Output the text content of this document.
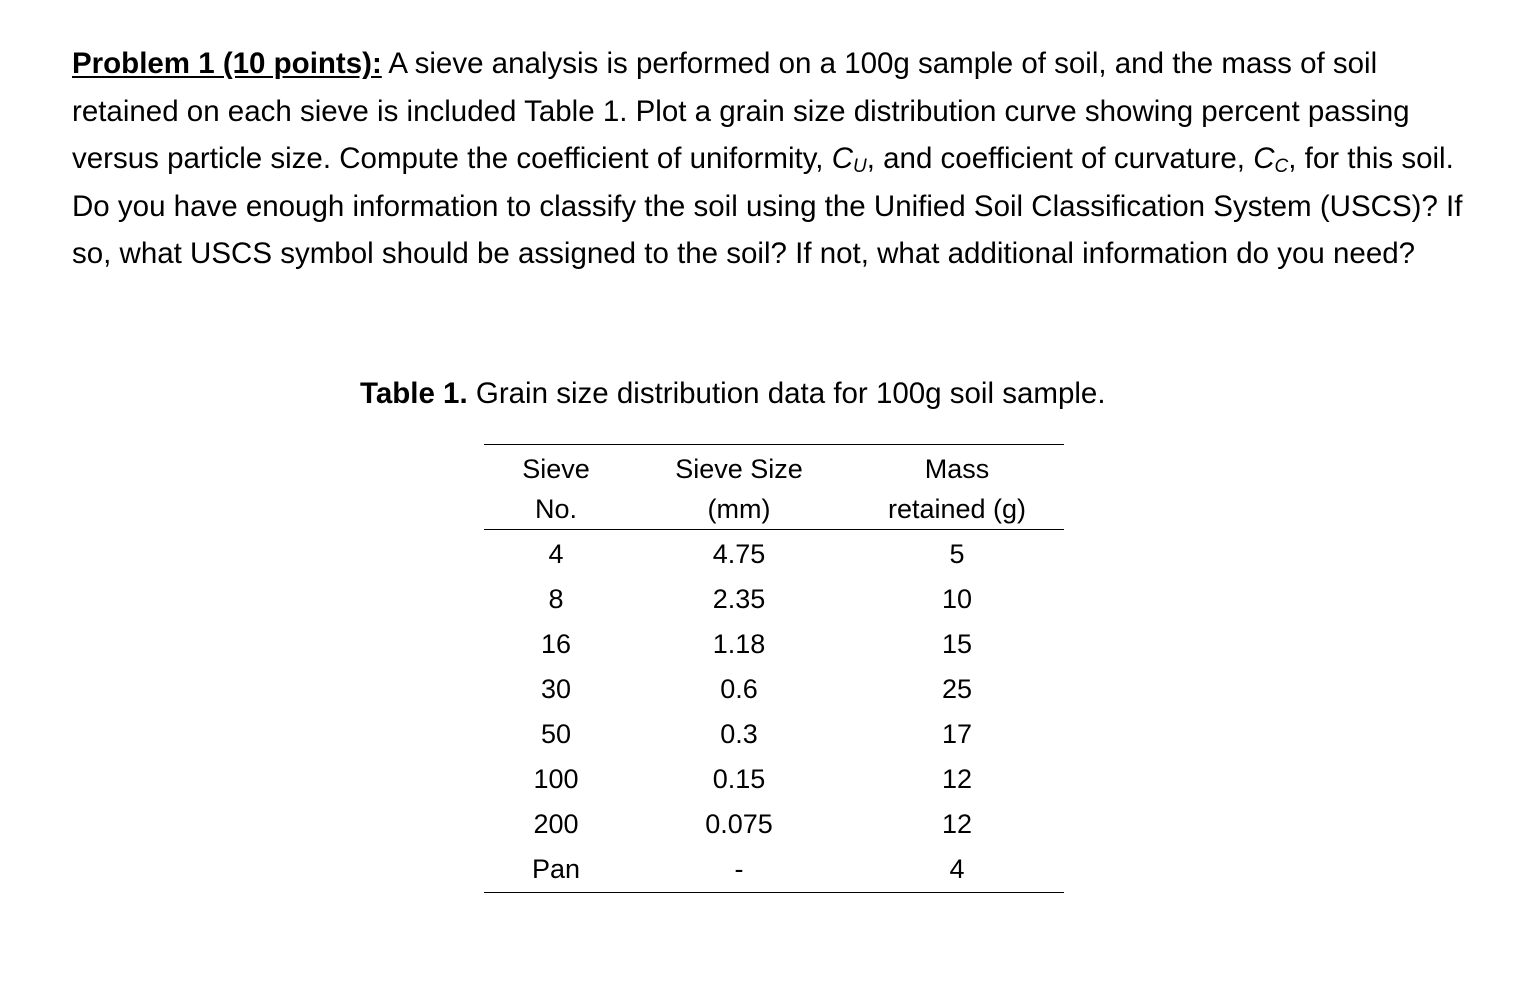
Problem 1 (10 points): A sieve analysis is performed on a 100g sample of soil, and the mass of soil retained on each sieve is included Table 1. Plot a grain size distribution curve showing percent passing versus particle size. Compute the coefficient of uniformity, $C_U$, and coefficient of curvature, $C_C$, for this soil. Do you have enough information to classify the soil using the Unified Soil Classification System (USCS)? If so, what USCS symbol should be assigned to the soil? If not, what additional information do you need?
Table 1. Grain size distribution data for 100g soil sample.
Sieve	Sieve Size	Mass
No.	(mm)	retained (g)
4	4.75	5
8	2.35	10
16	1.18	15
30	0.6	25
50	0.3	17
100	0.15	12
200	0.075	12
Pan	-	4
